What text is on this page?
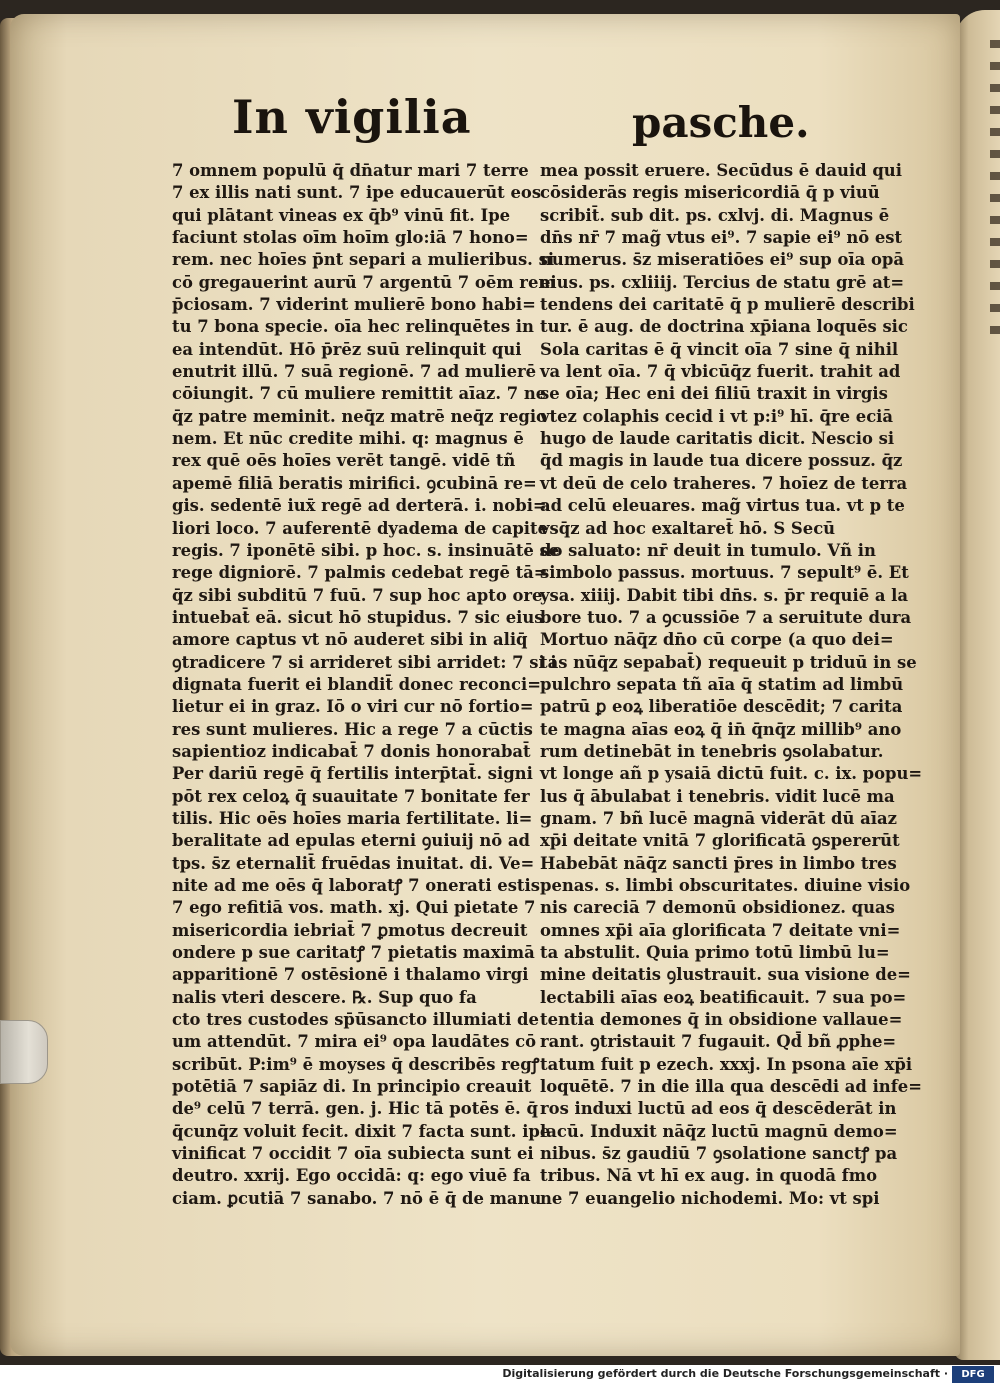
In vigilia	pasche.
7 omnem populū q̄ dn̄atur mari 7 terre
7 ex illis nati sunt. 7 ipe educauerūt eos
qui plātant vineas ex q̄b⁹ vinū fit. Ipe
faciunt stolas oīm hoīm glo:iā 7 hono=
rem. nec hoīes p̄nt separi a mulieribus. si
cō gregauerint aurū 7 argentū 7 oēm rem
p̄ciosam. 7 viderint mulierē bono habi=
tu 7 bona specie. oīa hec relinquētes in
ea intendūt. Hō p̄rēz suū relinquit qui
enutrit illū. 7 suā regionē. 7 ad mulierē
cōiungit. 7 cū muliere remittit aīaz. 7 ne
q̄z patre meminit. neq̄z matrē neq̄z regio
nem. Et nūc credite mihi. q: magnus ē
rex quē oēs hoīes verēt tangē. vidē tñ
apemē filiā beratis mirifici. ꝯcubinā re=
gis. sedentē iux̄ regē ad derterā. i. nobi=
liori loco. 7 auferentē dyadema de capite
regis. 7 iponētē sibi. p hoc. s. insinuātē se
rege digniorē. 7 palmis cedebat regē tā=
q̄z sibi subditū 7 fuū. 7 sup hoc apto ore
intuebat̄ eā. sicut hō stupidus. 7 sic eius
amore captus vt nō auderet sibi in aliq̄
ꝯtradicere 7 si arrideret sibi arridet: 7 si i
dignata fuerit ei blandit̄ donec reconci=
lietur ei in graz. Iō o viri cur nō fortio=
res sunt mulieres. Hic a rege 7 a cūctis
sapientioz indicabat̄ 7 donis honorabat̄
Per dariū regē q̄ fertilis interp̄tat̄. signi
pōt rex celoꝝ q̄ suauitate 7 bonitate fer
tilis. Hic oēs hoīes maria fertilitate. li=
beralitate ad epulas eterni ꝯuiuij nō ad
tps. s̄z eternalit̄ fruēdas inuitat. di. Ve=
nite ad me oēs q̄ laboratꝭ 7 onerati estis
7 ego refitiā vos. math. xj. Qui pietate 7
misericordia iebriat̄ 7 ꝑmotus decreuit
ondere p sue caritatꝭ 7 pietatis maximā
apparitionē 7 ostēsionē i thalamo virgi
nalis vteri descere. ℞. Sup quo fa
cto tres custodes sp̄ūsancto illumiati de
um attendūt. 7 mira ei⁹ opa laudātes cō
scribūt. P:im⁹ ē moyses q̄ describēs regꝭ
potētiā 7 sapiāz di. In principio creauit
de⁹ celū 7 terrā. gen. j. Hic tā potēs ē. q̄
q̄cunq̄z voluit fecit. dixit 7 facta sunt. ipe
vinificat 7 occidit 7 oīa subiecta sunt ei
deutro. xxrij. Ego occidā: q: ego viuē fa
ciam. ꝑcutiā 7 sanabo. 7 nō ē q̄ de manu
mea possit eruere. Secūdus ē dauid qui
cōsiderās regis misericordiā q̄ p viuū
scribit̄. sub dit. ps. cxlvj. di. Magnus ē
dn̄s nr̄ 7 mag̃ vtus ei⁹. 7 sapie ei⁹ nō est
numerus. s̄z miseratiōes ei⁹ sup oīa opā
eius. ps. cxliiij. Tercius de statu grē at=
tendens dei caritatē q̄ p mulierē describi
tur. ē aug. de doctrina xp̄iana loquēs sic
Sola caritas ē q̄ vincit oīa 7 sine q̄ nihil
va lent oīa. 7 q̄ vbicūq̄z fuerit. trahit ad
se oīa; Hec eni dei filiū traxit in virgis
vtez colaphis cecid i vt p:i⁹ hī. q̄re eciā
hugo de laude caritatis dicit. Nescio si
q̄d magis in laude tua dicere possuz. q̄z
vt deū de celo traheres. 7 hoīez de terra
ad celū eleuares. mag̃ virtus tua. vt p te
vsq̄z ad hoc exaltaret̄ hō. S Secū
do saluato: nr̄ deuit in tumulo. Vñ in
simbolo passus. mortuus. 7 sepult⁹ ē. Et
ysa. xiiij. Dabit tibi dn̄s. s. p̄r requiē a la
bore tuo. 7 a ꝯcussiōe 7 a seruitute dura
Mortuo nāq̄z dn̄o cū corpe (a quo dei=
tas nūq̄z sepabat̄) requeuit p triduū in se
pulchro sepata tñ aīa q̄ statim ad limbū
patrū ꝑ eoꝝ liberatiōe descēdit; 7 carita
te magna aīas eoꝝ q̄ in̄ q̄nq̄z millib⁹ ano
rum detinebāt in tenebris ꝯsolabatur.
vt longe añ p ysaiā dictū fuit. c. ix. popu=
lus q̄ ābulabat i tenebris. vidit lucē ma
gnam. 7 bñ lucē magnā viderāt dū aīaz
xp̄i deitate vnitā 7 glorificatā ꝯspererūt
Habebāt nāq̄z sancti p̄res in limbo tres
penas. s. limbi obscuritates. diuine visio
nis careciā 7 demonū obsidionez. quas
omnes xp̄i aīa glorificata 7 deitate vni=
ta abstulit. Quia primo totū limbū lu=
mine deitatis ꝯlustrauit. sua visione de=
lectabili aīas eoꝝ beatificauit. 7 sua po=
tentia demones q̄ in obsidione vallaue=
rant. ꝯtristauit 7 fugauit. Qd̄ bñ ꝓphe=
tatum fuit p ezech. xxxj. In psona aīe xp̄i
loquētē. 7 in die illa qua descēdi ad infe=
ros induxi luctū ad eos q̄ descēderāt in
lacū. Induxit nāq̄z luctū magnū demo=
nibus. s̄z gaudiū 7 ꝯsolatione sanctꝭ pa
tribus. Nā vt hī ex aug. in quodā fmo
ne 7 euangelio nichodemi. Mo: vt spi
Digitalisierung gefördert durch die Deutsche Forschungsgemeinschaft ·	DFG
